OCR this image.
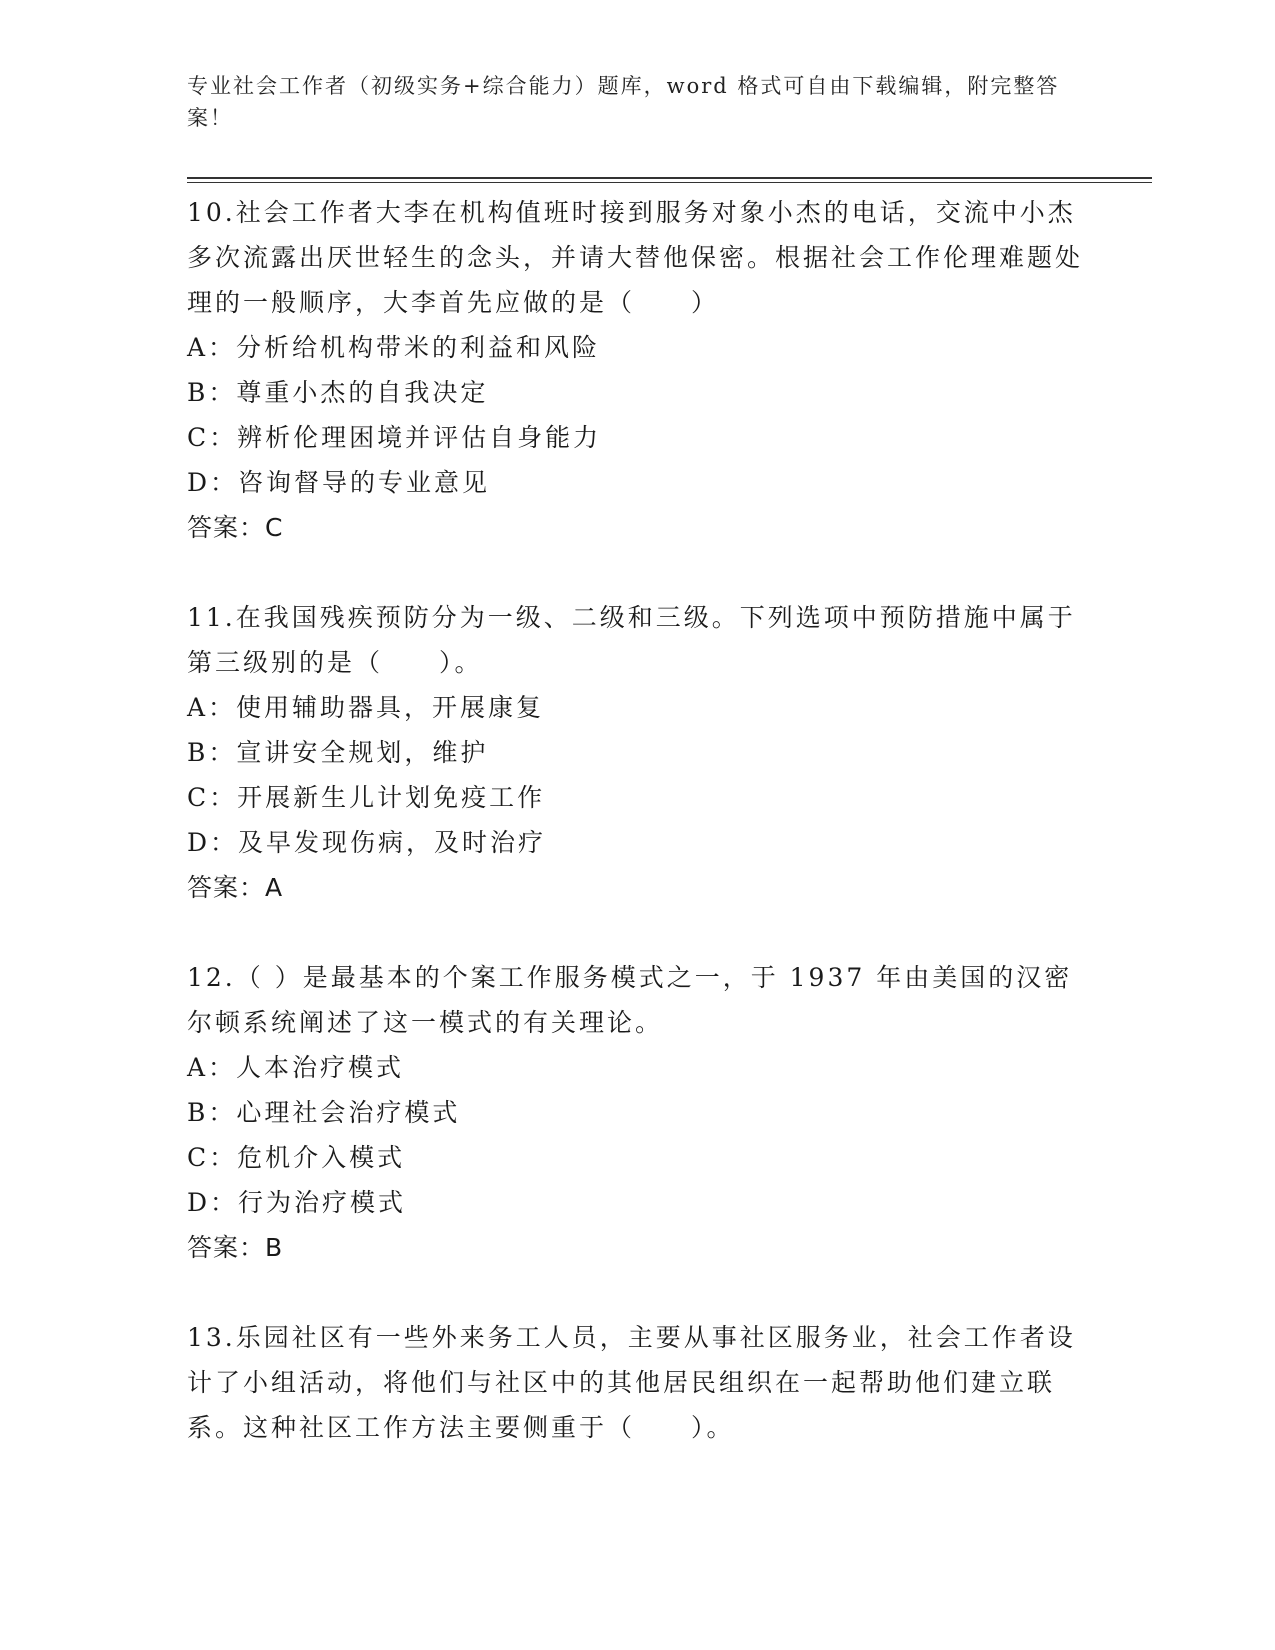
专业社会工作者（初级实务+综合能力）题库，word 格式可自由下载编辑，附完整答案！

10.社会工作者大李在机构值班时接到服务对象小杰的电话，交流中小杰多次流露出厌世轻生的念头，并请大替他保密。根据社会工作伦理难题处理的一般顺序，大李首先应做的是（　　）

A：分析给机构带米的利益和风险

B：尊重小杰的自我决定

C：辨析伦理困境并评估自身能力

D：咨询督导的专业意见

答案：C

11.在我国残疾预防分为一级、二级和三级。下列选项中预防措施中属于第三级别的是（　　）。

A：使用辅助器具，开展康复

B：宣讲安全规划，维护

C：开展新生儿计划免疫工作

D：及早发现伤病，及时治疗

答案：A

12.（ ）是最基本的个案工作服务模式之一，于 1937 年由美国的汉密尔顿系统阐述了这一模式的有关理论。

A：人本治疗模式

B：心理社会治疗模式

C：危机介入模式

D：行为治疗模式

答案：B

13.乐园社区有一些外来务工人员，主要从事社区服务业，社会工作者设计了小组活动，将他们与社区中的其他居民组织在一起帮助他们建立联系。这种社区工作方法主要侧重于（　　）。
